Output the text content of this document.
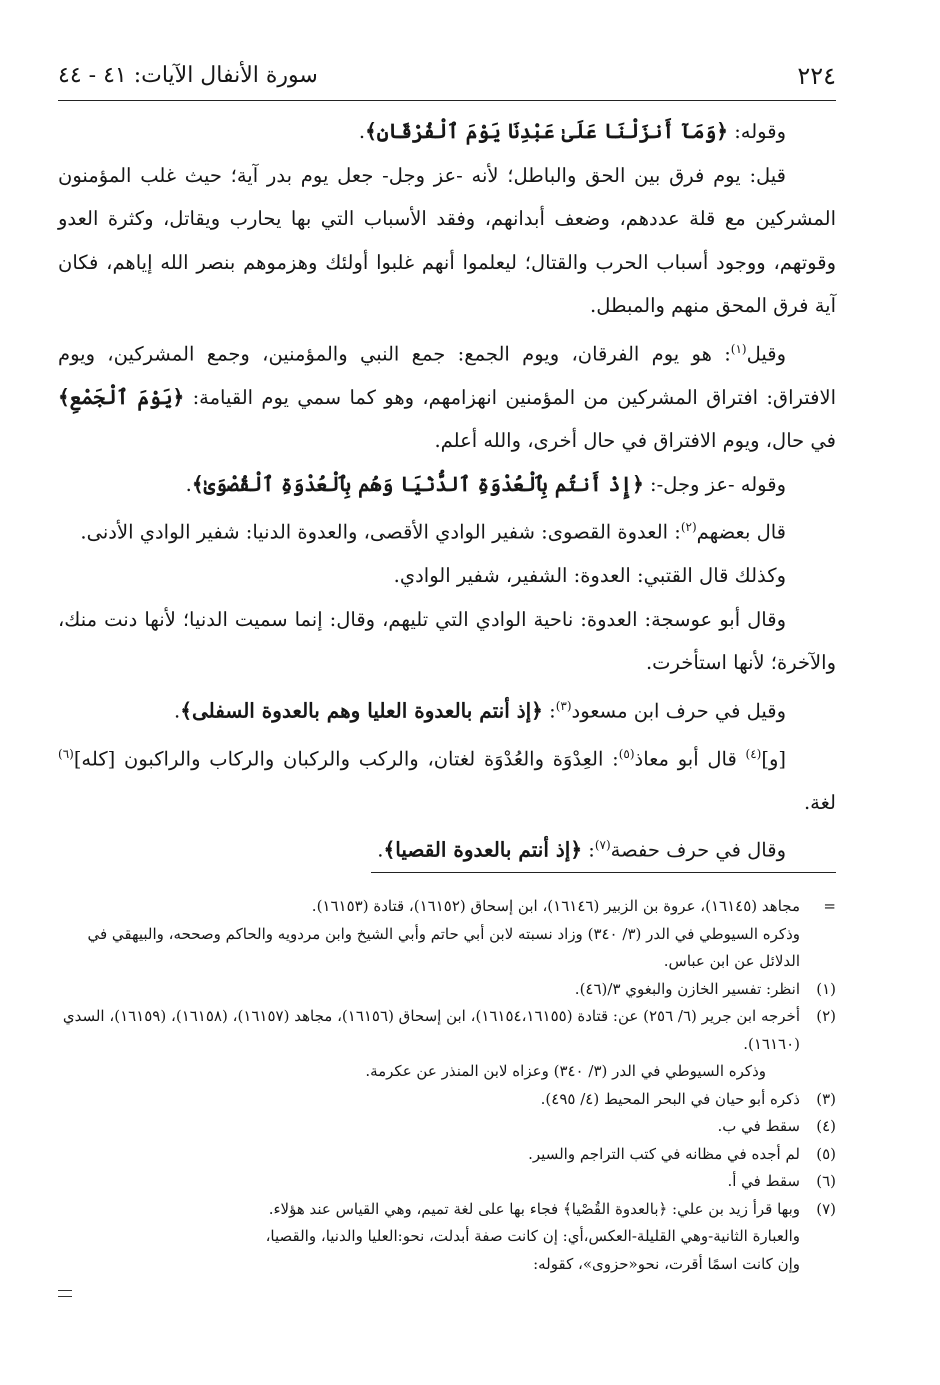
٢٢٤
سورة الأنفال الآيات: ٤١ - ٤٤

وقوله: ﴿وَمَآ أَنزَلْنَا عَلَىٰ عَبْدِنَا يَوْمَ ٱلْفُرْقَانِ﴾.

قيل: يوم فرق بين الحق والباطل؛ لأنه -عز وجل- جعل يوم بدر آية؛ حيث غلب المؤمنون المشركين مع قلة عددهم، وضعف أبدانهم، وفقد الأسباب التي بها يحارب ويقاتل، وكثرة العدو وقوتهم، ووجود أسباب الحرب والقتال؛ ليعلموا أنهم غلبوا أولئك وهزموهم بنصر الله إياهم، فكان آية فرق المحق منهم والمبطل.

وقيل$^{(١)}$: هو يوم الفرقان، ويوم الجمع: جمع النبي والمؤمنين، وجمع المشركين، ويوم الافتراق: افتراق المشركين من المؤمنين انهزامهم، وهو كما سمي يوم القيامة: ﴿يَوْمَ ٱلْجَمْعِ﴾ في حال، ويوم الافتراق في حال أخرى، والله أعلم.

وقوله -عز وجل-: ﴿إِذْ أَنتُم بِٱلْعُدْوَةِ ٱلدُّنْيَا وَهُم بِٱلْعُدْوَةِ ٱلْقُصْوَىٰ﴾.

قال بعضهم$^{(٢)}$: العدوة القصوى: شفير الوادي الأقصى، والعدوة الدنيا: شفير الوادي الأدنى.

وكذلك قال القتبي: العدوة: الشفير، شفير الوادي.

وقال أبو عوسجة: العدوة: ناحية الوادي التي تليهم، وقال: إنما سميت الدنيا؛ لأنها دنت منك، والآخرة؛ لأنها استأخرت.

وقيل في حرف ابن مسعود$^{(٣)}$: ﴿إذ أنتم بالعدوة العليا وهم بالعدوة السفلى﴾.

[و]$^{(٤)}$ قال أبو معاذ$^{(٥)}$: العِدْوَة والعُدْوَة لغتان، والركب والركبان والركاب والراكبون [كله]$^{(٦)}$ لغة.

وقال في حرف حفصة$^{(٧)}$: ﴿إذ أنتم بالعدوة القصيا﴾.

=
مجاهد (١٦١٤٥)، عروة بن الزبير (١٦١٤٦)، ابن إسحاق (١٦١٥٢)، قتادة (١٦١٥٣).
وذكره السيوطي في الدر (٣/ ٣٤٠) وزاد نسبته لابن أبي حاتم وأبي الشيخ وابن مردويه والحاكم وصححه، والبيهقي في الدلائل عن ابن عباس.
(١)
انظر: تفسير الخازن والبغوي ٣/(٤٦).
(٢)
أخرجه ابن جرير (٦/ ٢٥٦) عن: قتادة (١٦١٥٤،١٦١٥٥)، ابن إسحاق (١٦١٥٦)، مجاهد (١٦١٥٧)، (١٦١٥٨)، (١٦١٥٩)، السدي (١٦١٦٠).
وذكره السيوطي في الدر (٣/ ٣٤٠) وعزاه لابن المنذر عن عكرمة.
(٣)
ذكره أبو حيان في البحر المحيط (٤/ ٤٩٥).
(٤)
سقط في ب.
(٥)
لم أجده في مظانه في كتب التراجم والسير.
(٦)
سقط في أ.
(٧)
وبها قرأ زيد بن علي: ﴿بالعدوة القُصْيا﴾ فجاء بها على لغة تميم، وهي القياس عند هؤلاء.
والعبارة الثانية-وهي القليلة-العكس،أي: إن كانت صفة أبدلت، نحو:العليا والدنيا، والقصيا،
وإن كانت اسمًا أقرت، نحو«حزوى»، كقوله:
